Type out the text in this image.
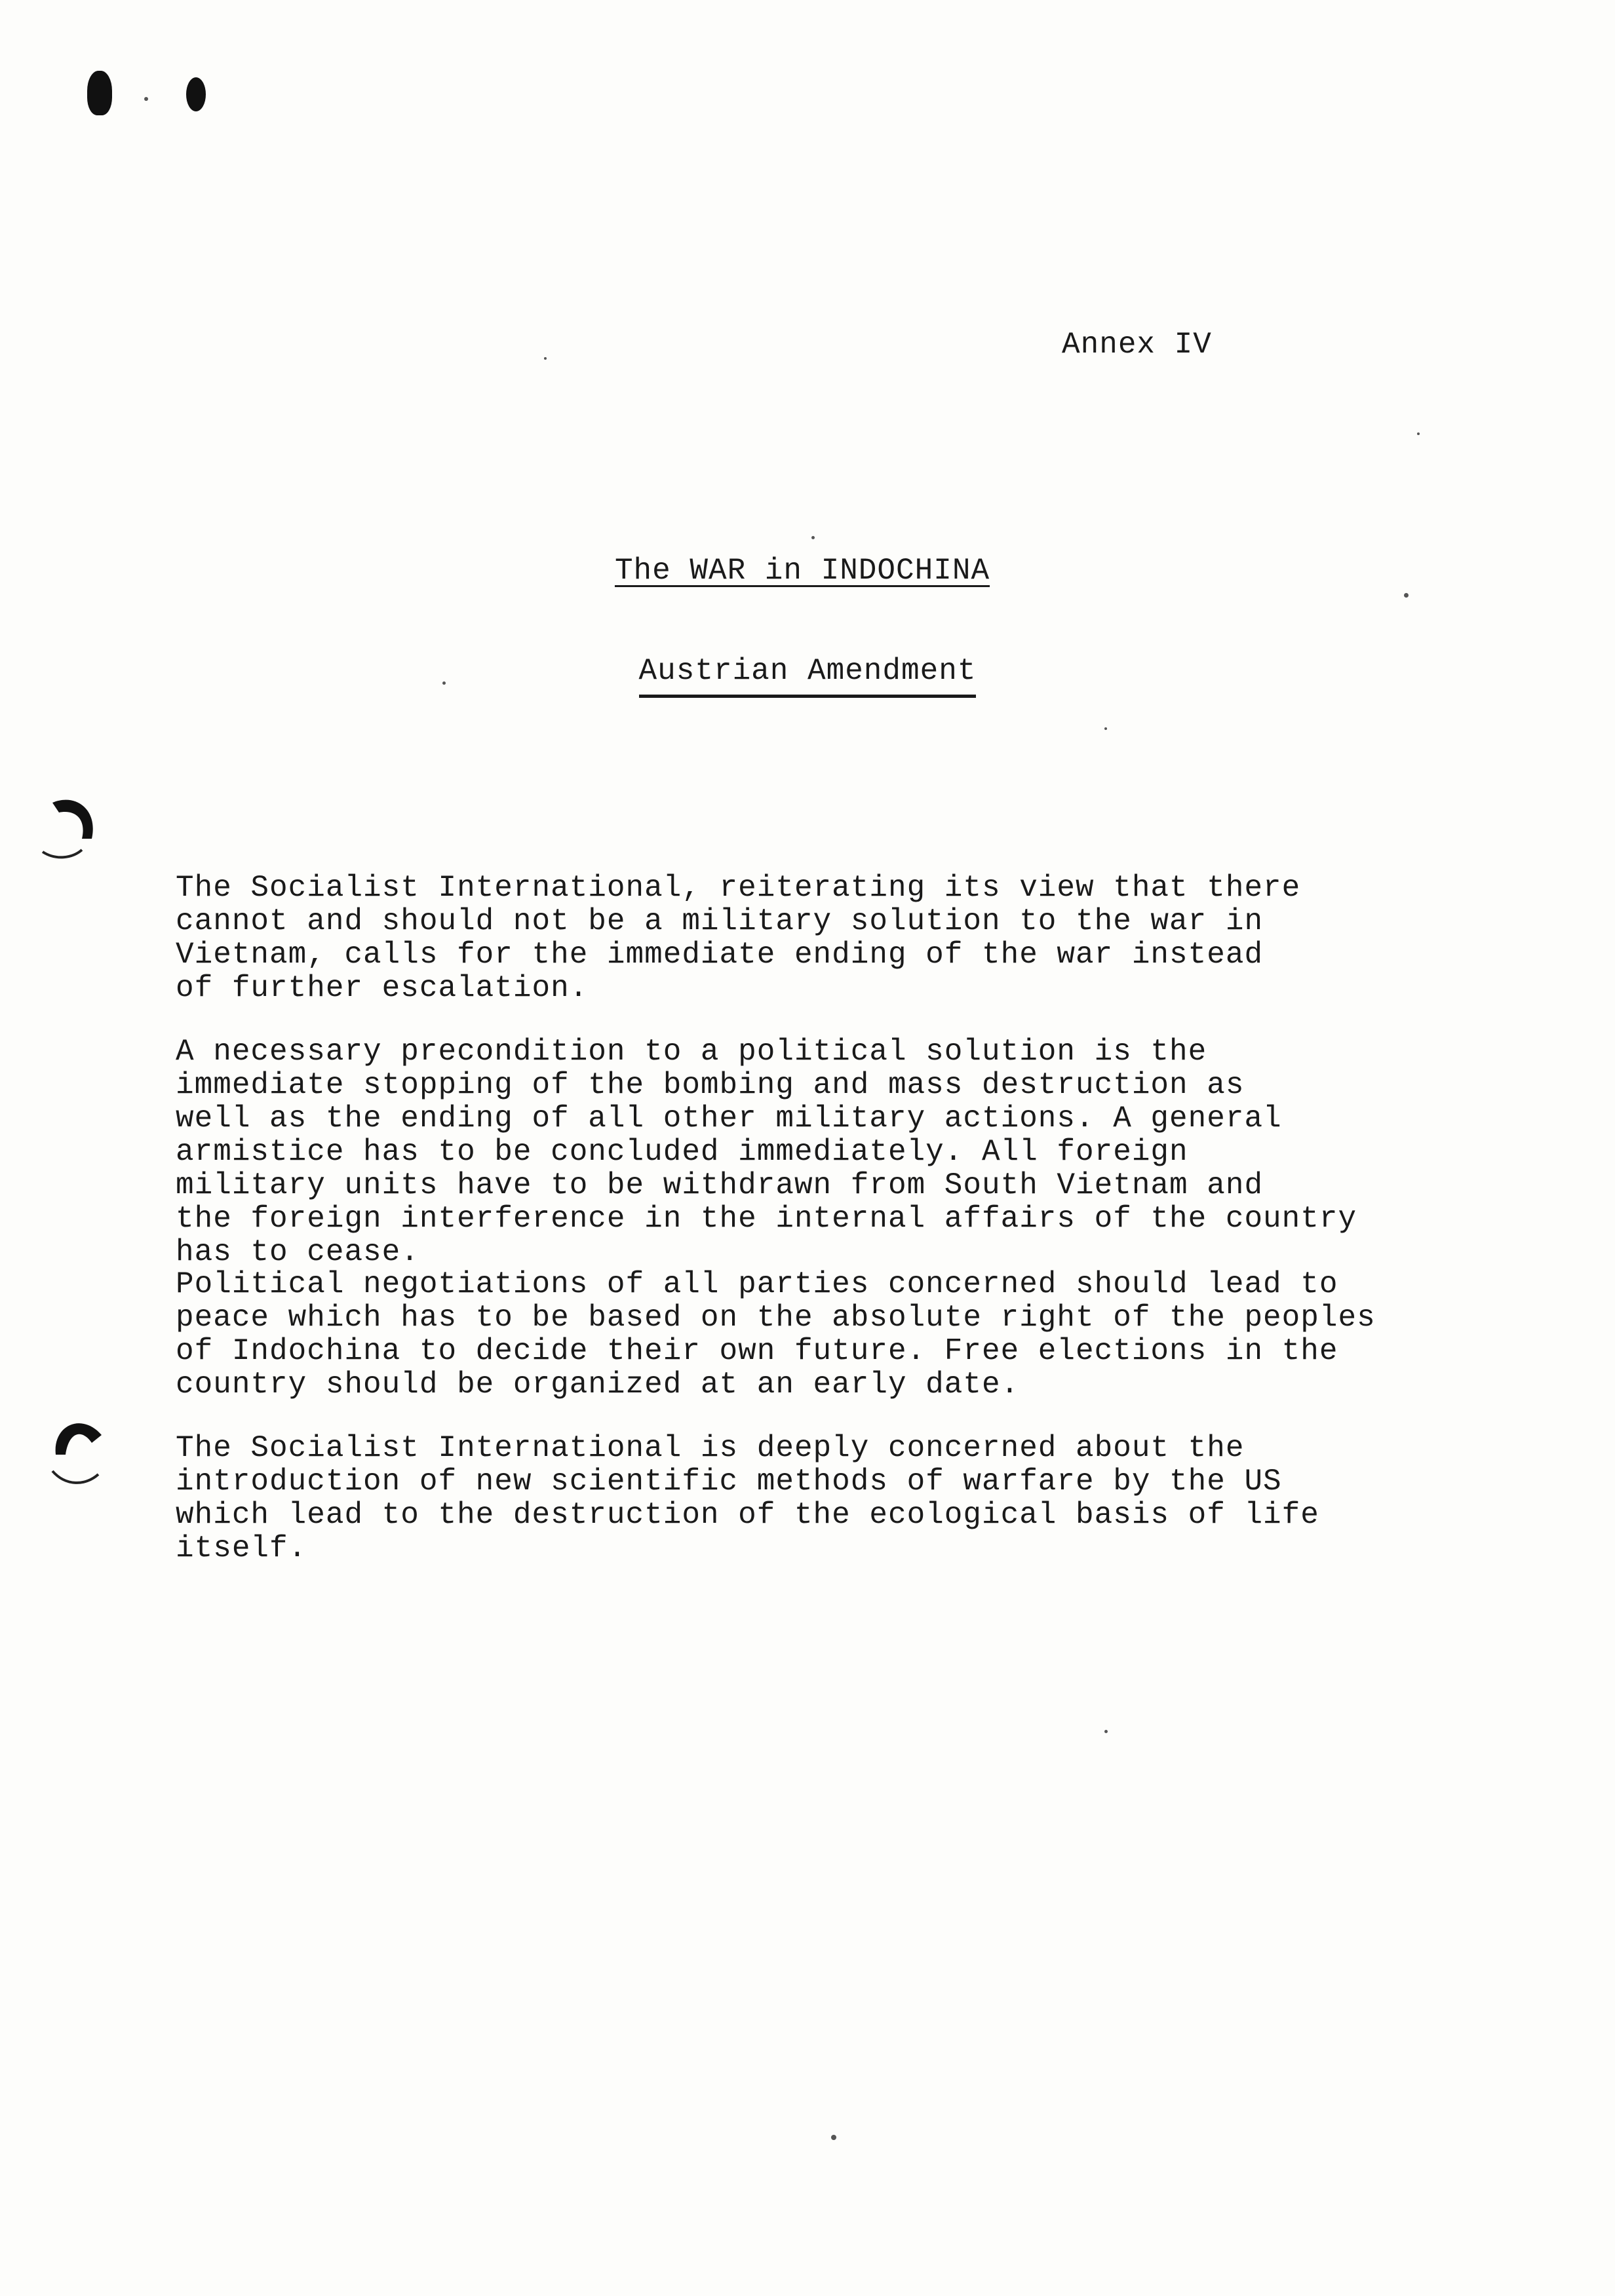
Annex IV
The WAR in INDOCHINA
Austrian Amendment

The Socialist International, reiterating its view that there
cannot and should not be a military solution to the war in
Vietnam, calls for the immediate ending of the war instead
of further escalation.

A necessary precondition to a political solution is the
immediate stopping of the bombing and mass destruction as
well as the ending of all other military actions. A general
armistice has to be concluded immediately. All foreign
military units have to be withdrawn from South Vietnam and
the foreign interference in the internal affairs of the country
has to cease.

Political negotiations of all parties concerned should lead to
peace which has to be based on the absolute right of the peoples
of Indochina to decide their own future. Free elections in the
country should be organized at an early date.

The Socialist International is deeply concerned about the
introduction of new scientific methods of warfare by the US
which lead to the destruction of the ecological basis of life
itself.
